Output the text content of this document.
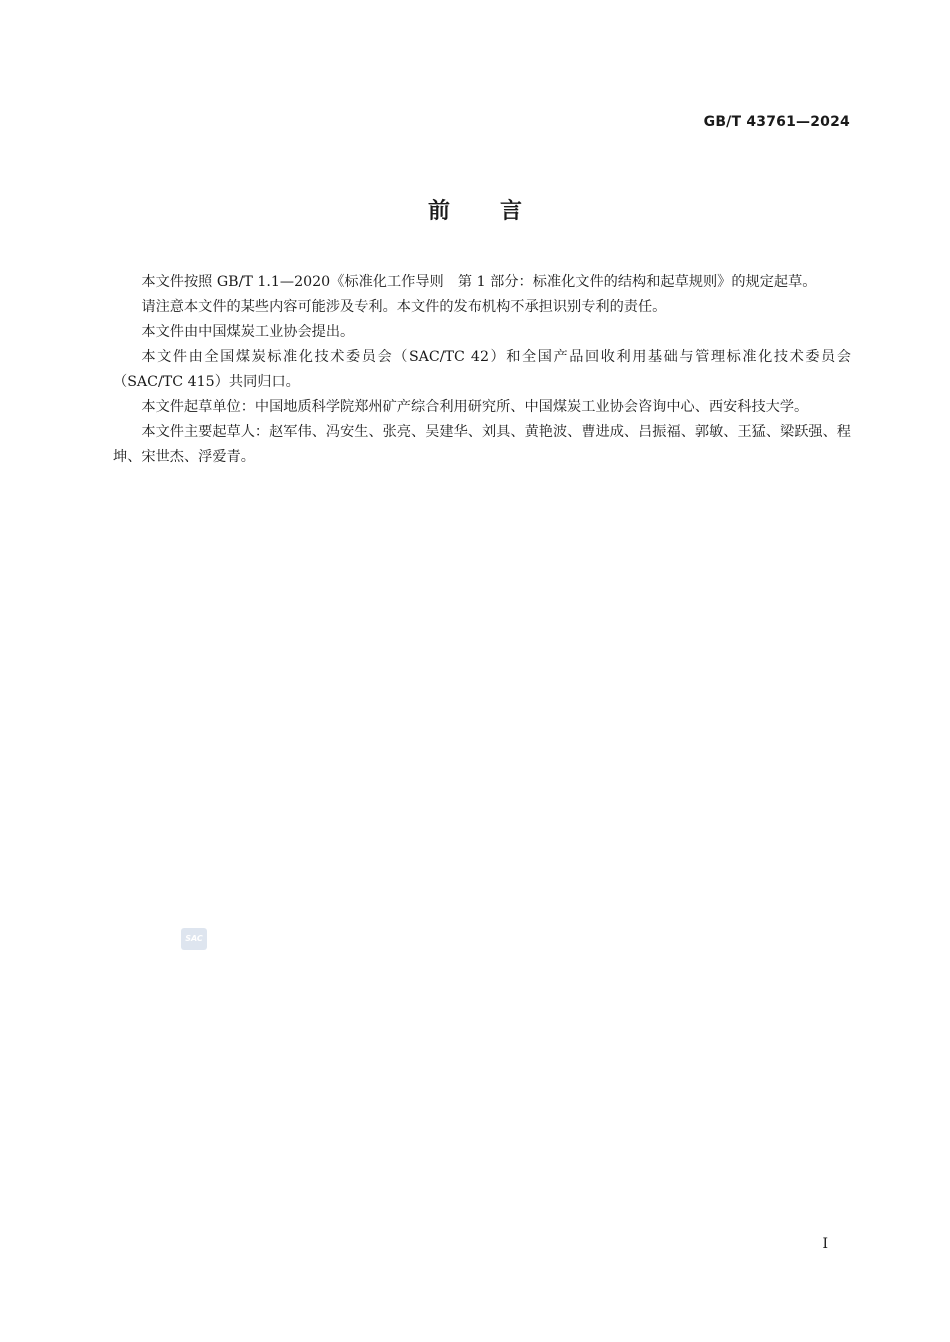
GB/T 43761—2024
前言

本文件按照 GB/T 1.1—2020《标准化工作导则　第 1 部分：标准化文件的结构和起草规则》的规定起草。

请注意本文件的某些内容可能涉及专利。本文件的发布机构不承担识别专利的责任。

本文件由中国煤炭工业协会提出。

本文件由全国煤炭标准化技术委员会（SAC/TC 42）和全国产品回收利用基础与管理标准化技术委员会（SAC/TC 415）共同归口。

本文件起草单位：中国地质科学院郑州矿产综合利用研究所、中国煤炭工业协会咨询中心、西安科技大学。

本文件主要起草人：赵军伟、冯安生、张亮、吴建华、刘具、黄艳波、曹进成、吕振福、郭敏、王猛、梁跃强、程坤、宋世杰、浮爱青。

SAC
I
